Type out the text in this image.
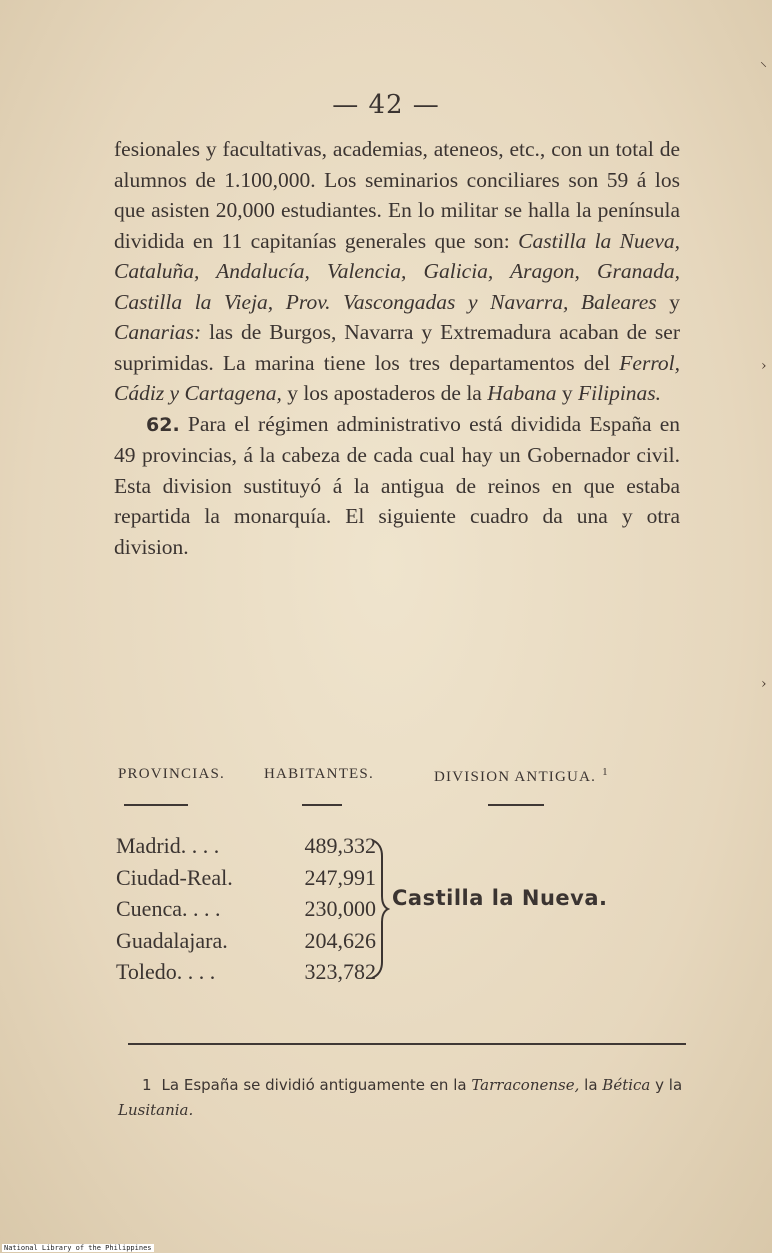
— 42 —

fesionales y facultativas, academias, ateneos, etc., con un total de alumnos de 1.100,000. Los seminarios conciliares son 59 á los que asisten 20,000 estudiantes. En lo militar se halla la península dividida en 11 capitanías generales que son: Castilla la Nueva, Cataluña, Andalucía, Valencia, Galicia, Aragon, Granada, Castilla la Vieja, Prov. Vascongadas y Navarra, Baleares y Canarias: las de Burgos, Navarra y Extremadura acaban de ser suprimidas. La marina tiene los tres departamentos del Ferrol, Cádiz y Cartagena, y los apostaderos de la Habana y Filipinas.

62. Para el régimen administrativo está dividida España en 49 provincias, á la cabeza de cada cual hay un Gobernador civil. Esta division sustituyó á la antigua de reinos en que estaba repartida la monarquía. El siguiente cuadro da una y otra division.

PROVINCIAS.	HABITANTES.	DIVISION ANTIGUA. $^1$
Madrid. . . .	489,332
Ciudad-Real.	247,991
Cuenca. . . .	230,000
Guadalajara.	204,626
Toledo. . . .	323,782
Castilla la Nueva.
1 La España se dividió antiguamente en la Tarraconense, la Bética y la Lusitania.
⸜
›
›
National Library of the Philippines
